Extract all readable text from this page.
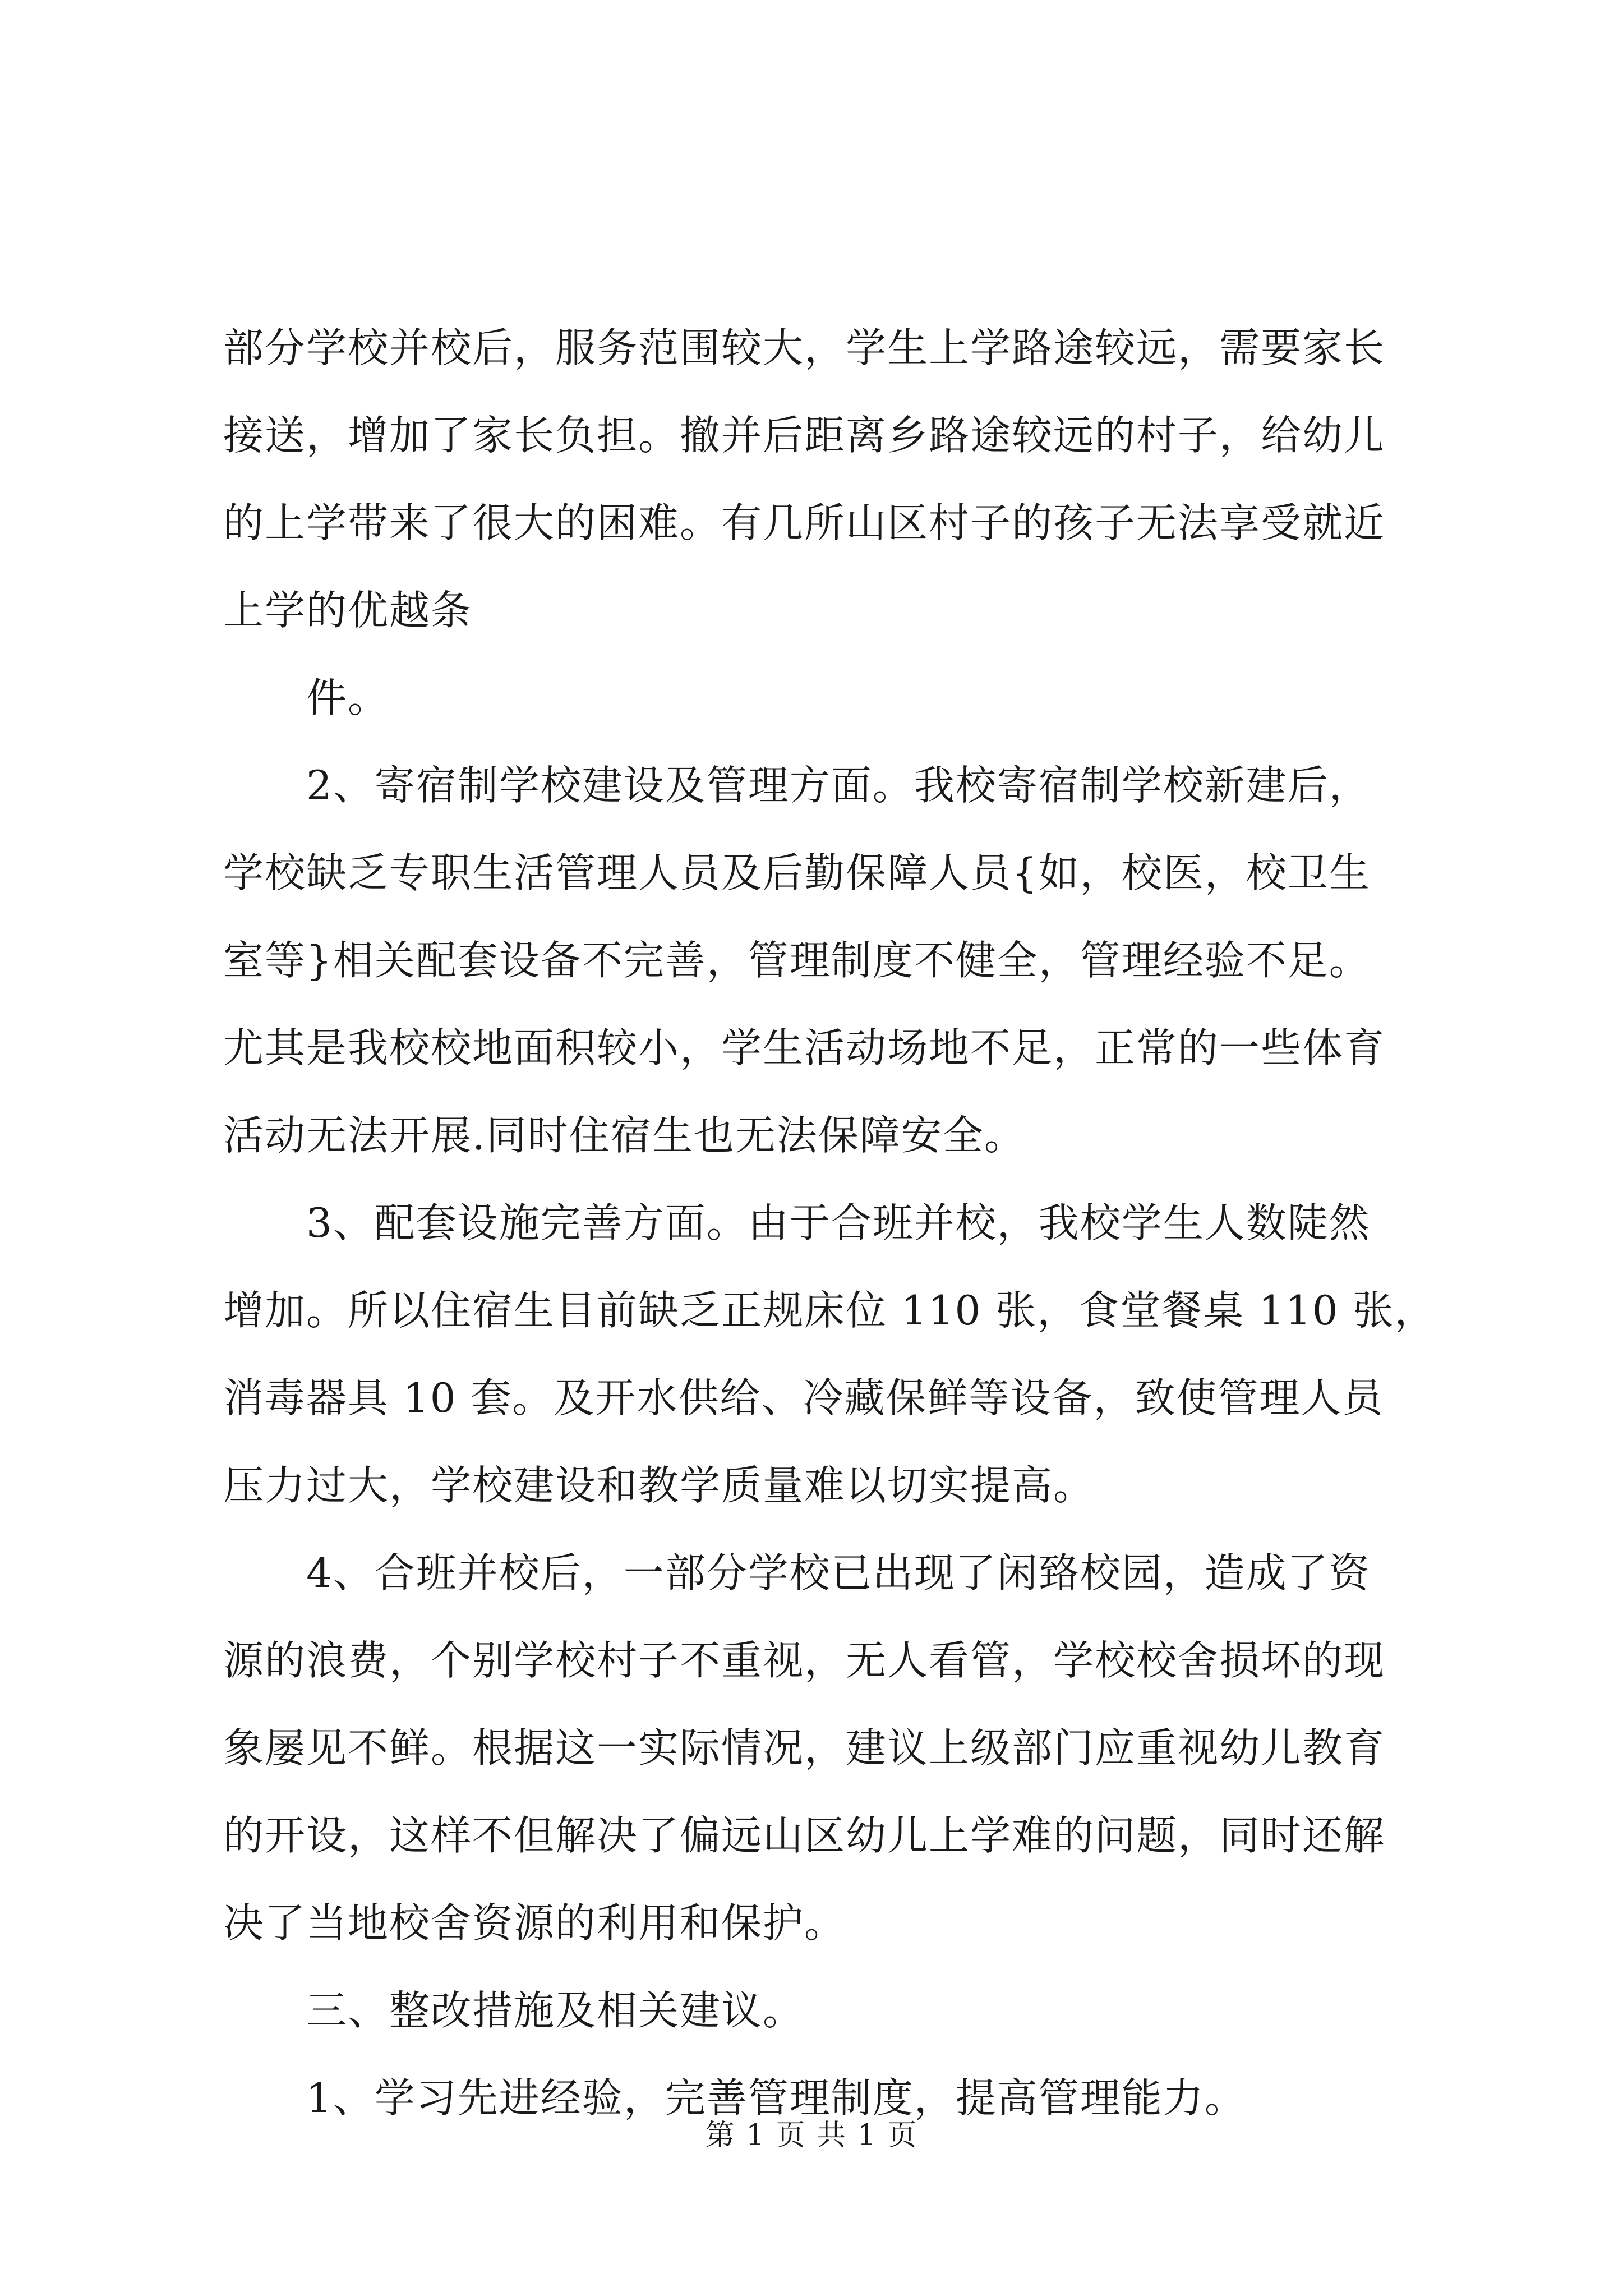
部分学校并校后，服务范围较大，学生上学路途较远，需要家长
接送，增加了家长负担。撤并后距离乡路途较远的村子，给幼儿
的上学带来了很大的困难。有几所山区村子的孩子无法享受就近
上学的优越条

件。

2、寄宿制学校建设及管理方面。我校寄宿制学校新建后，
学校缺乏专职生活管理人员及后勤保障人员{如，校医，校卫生
室等}相关配套设备不完善，管理制度不健全，管理经验不足。
尤其是我校校地面积较小，学生活动场地不足，正常的一些体育
活动无法开展.同时住宿生也无法保障安全。

3、配套设施完善方面。由于合班并校，我校学生人数陡然
增加。所以住宿生目前缺乏正规床位 110 张，食堂餐桌 110 张，
消毒器具 10 套。及开水供给、冷藏保鲜等设备，致使管理人员
压力过大，学校建设和教学质量难以切实提高。

4、合班并校后，一部分学校已出现了闲臵校园，造成了资
源的浪费，个别学校村子不重视，无人看管，学校校舍损坏的现
象屡见不鲜。根据这一实际情况，建议上级部门应重视幼儿教育
的开设，这样不但解决了偏远山区幼儿上学难的问题，同时还解
决了当地校舍资源的利用和保护。

三、整改措施及相关建议。

1、学习先进经验，完善管理制度，提高管理能力。

第 1 页 共 1 页
